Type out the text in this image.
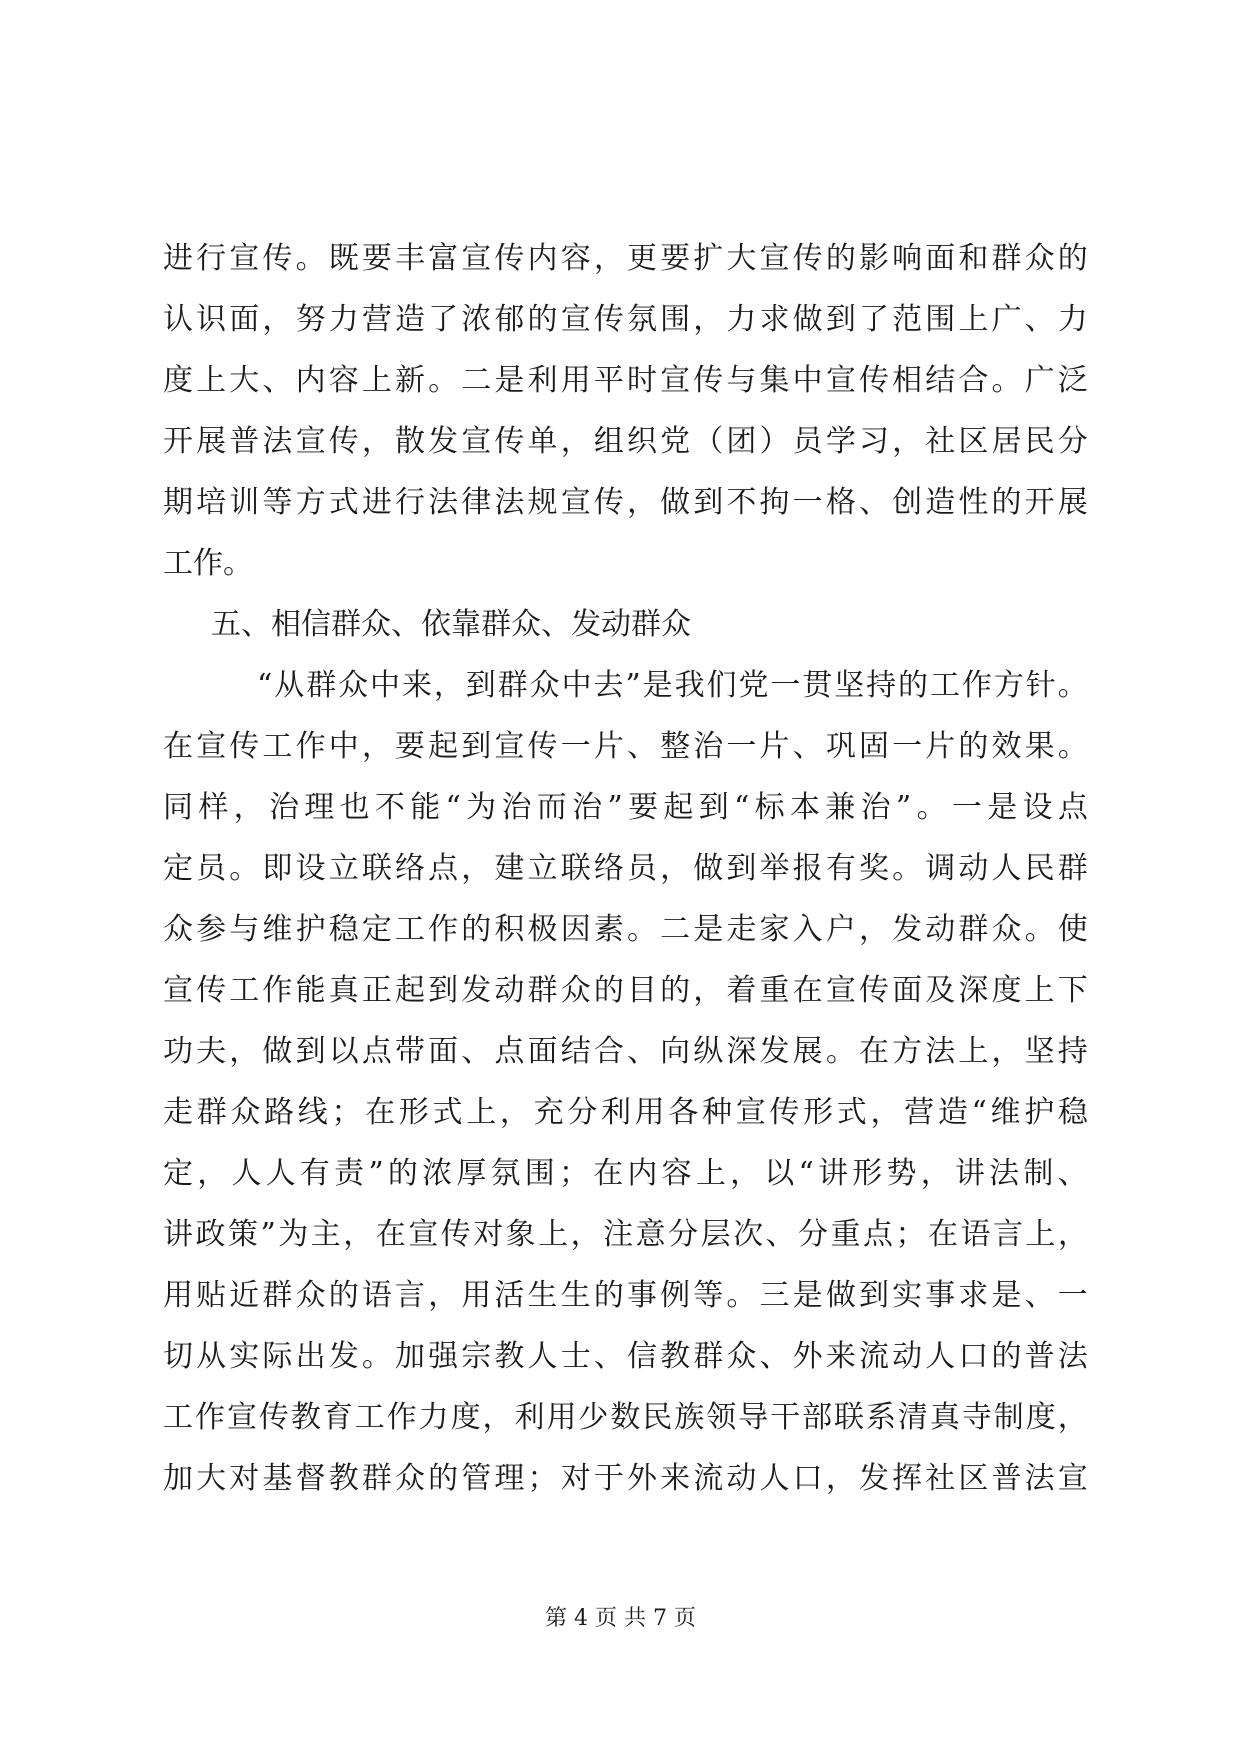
进 行 宣 传 。 既 要 丰 富 宣 传 内 容 ， 更 要 扩 大 宣 传 的 影 响 面 和 群 众 的
认 识 面 ， 努 力 营 造 了 浓 郁 的 宣 传 氛 围 ， 力 求 做 到 了 范 围 上 广 、 力
度 上 大 、 内 容 上 新 。 二 是 利 用 平 时 宣 传 与 集 中 宣 传 相 结 合 。 广 泛
开 展 普 法 宣 传 ， 散 发 宣 传 单 ， 组 织 党 （ 团 ） 员 学 习 ， 社 区 居 民 分
期 培 训 等 方 式 进 行 法 律 法 规 宣 传 ， 做 到 不 拘 一 格 、 创 造 性 的 开 展
工作。
五、相信群众、依靠群众、发动群众
“ 从 群 众 中 来 ， 到 群 众 中 去 ” 是 我 们 党 一 贯 坚 持 的 工 作 方 针 。
在 宣 传 工 作 中 ， 要 起 到 宣 传 一 片 、 整 治 一 片 、 巩 固 一 片 的 效 果 。
同 样 ， 治 理 也 不 能 “ 为 治 而 治 ” 要 起 到 “ 标 本 兼 治 ” 。 一 是 设 点
定 员 。 即 设 立 联 络 点 ， 建 立 联 络 员 ， 做 到 举 报 有 奖 。 调 动 人 民 群
众 参 与 维 护 稳 定 工 作 的 积 极 因 素 。 二 是 走 家 入 户 ， 发 动 群 众 。 使
宣 传 工 作 能 真 正 起 到 发 动 群 众 的 目 的 ， 着 重 在 宣 传 面 及 深 度 上 下
功 夫 ， 做 到 以 点 带 面 、 点 面 结 合 、 向 纵 深 发 展 。 在 方 法 上 ， 坚 持
走 群 众 路 线 ； 在 形 式 上 ， 充 分 利 用 各 种 宣 传 形 式 ， 营 造 “ 维 护 稳
定 ， 人 人 有 责 ” 的 浓 厚 氛 围 ； 在 内 容 上 ， 以 “ 讲 形 势 ， 讲 法 制 、
讲 政 策 ” 为 主 ， 在 宣 传 对 象 上 ， 注 意 分 层 次 、 分 重 点 ； 在 语 言 上 ，
用 贴 近 群 众 的 语 言 ， 用 活 生 生 的 事 例 等 。 三 是 做 到 实 事 求 是 、 一
切 从 实 际 出 发 。 加 强 宗 教 人 士 、 信 教 群 众 、 外 来 流 动 人 口 的 普 法
工 作 宣 传 教 育 工 作 力 度 ， 利 用 少 数 民 族 领 导 干 部 联 系 清 真 寺 制 度 ，
加 大 对 基 督 教 群 众 的 管 理 ； 对 于 外 来 流 动 人 口 ， 发 挥 社 区 普 法 宣
第 4 页 共 7 页
